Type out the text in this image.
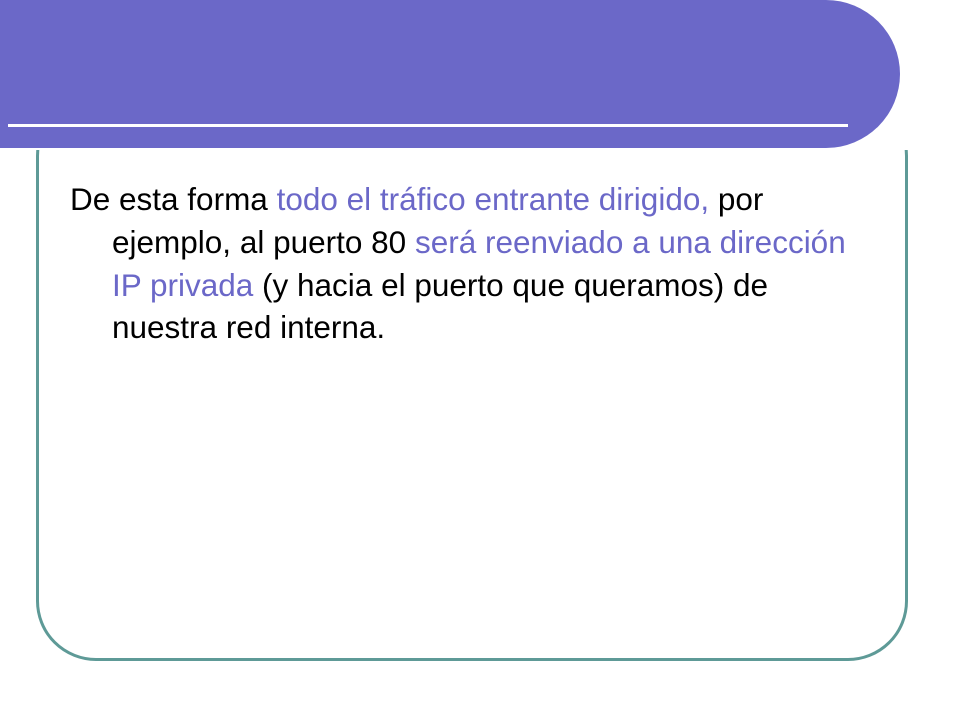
De esta forma todo el tráfico entrante dirigido, por ejemplo, al puerto 80 será reenviado a una dirección IP privada (y hacia el puerto que queramos) de nuestra red interna.
